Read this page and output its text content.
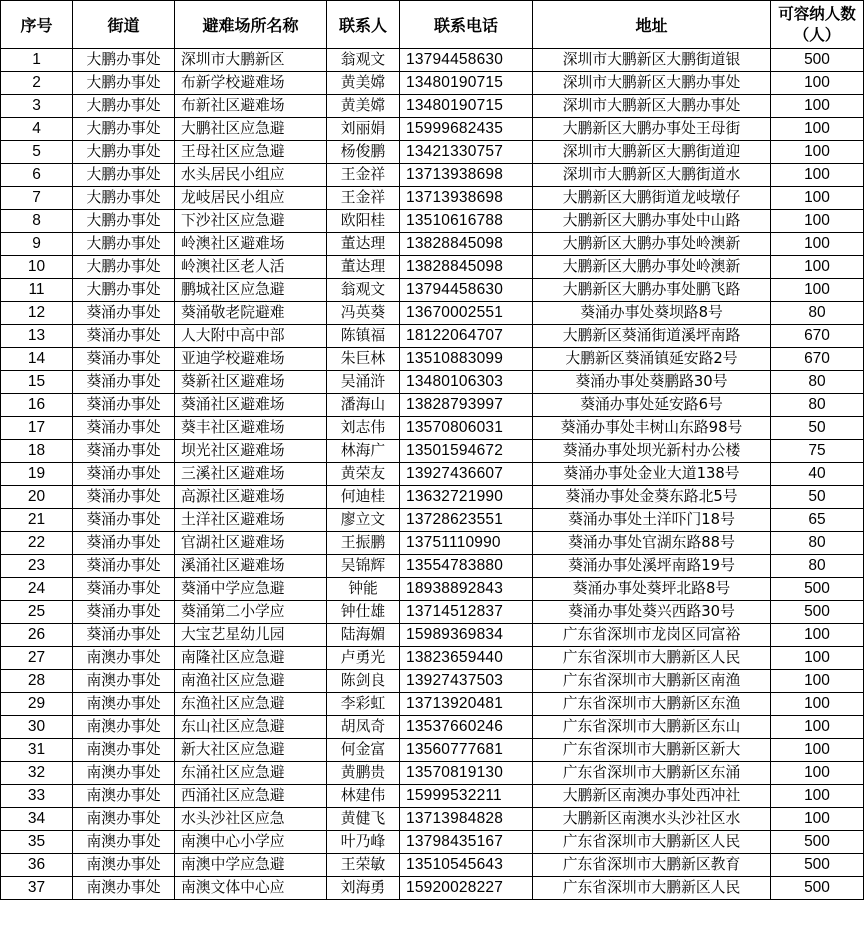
序号	街道	避难场所名称	联系人	联系电话	地址	可容纳人数（人）
1	大鹏办事处	深圳市大鹏新区	翁观文	13794458630	深圳市大鹏新区大鹏街道银	500
2	大鹏办事处	布新学校避难场	黄美嫦	13480190715	深圳市大鹏新区大鹏办事处	100
3	大鹏办事处	布新社区避难场	黄美嫦	13480190715	深圳市大鹏新区大鹏办事处	100
4	大鹏办事处	大鹏社区应急避	刘丽娟	15999682435	大鹏新区大鹏办事处王母街	100
5	大鹏办事处	王母社区应急避	杨俊鹏	13421330757	深圳市大鹏新区大鹏街道迎	100
6	大鹏办事处	水头居民小组应	王金祥	13713938698	深圳市大鹏新区大鹏街道水	100
7	大鹏办事处	龙岐居民小组应	王金祥	13713938698	大鹏新区大鹏街道龙岐墩仔	100
8	大鹏办事处	下沙社区应急避	欧阳桂	13510616788	大鹏新区大鹏办事处中山路	100
9	大鹏办事处	岭澳社区避难场	董达理	13828845098	大鹏新区大鹏办事处岭澳新	100
10	大鹏办事处	岭澳社区老人活	董达理	13828845098	大鹏新区大鹏办事处岭澳新	100
11	大鹏办事处	鹏城社区应急避	翁观文	13794458630	大鹏新区大鹏办事处鹏飞路	100
12	葵涌办事处	葵涌敬老院避难	冯英葵	13670002551	葵涌办事处葵坝路8号	80
13	葵涌办事处	人大附中高中部	陈镇福	18122064707	大鹏新区葵涌街道溪坪南路	670
14	葵涌办事处	亚迪学校避难场	朱巨林	13510883099	大鹏新区葵涌镇延安路2号	670
15	葵涌办事处	葵新社区避难场	吴涌浒	13480106303	葵涌办事处葵鹏路30号	80
16	葵涌办事处	葵涌社区避难场	潘海山	13828793997	葵涌办事处延安路6号	80
17	葵涌办事处	葵丰社区避难场	刘志伟	13570806031	葵涌办事处丰树山东路98号	50
18	葵涌办事处	坝光社区避难场	林海广	13501594672	葵涌办事处坝光新村办公楼	75
19	葵涌办事处	三溪社区避难场	黄荣友	13927436607	葵涌办事处金业大道138号	40
20	葵涌办事处	高源社区避难场	何迪桂	13632721990	葵涌办事处金葵东路北5号	50
21	葵涌办事处	土洋社区避难场	廖立文	13728623551	葵涌办事处土洋吓门18号	65
22	葵涌办事处	官湖社区避难场	王振鹏	13751110990	葵涌办事处官湖东路88号	80
23	葵涌办事处	溪涌社区避难场	吴锦辉	13554783880	葵涌办事处溪坪南路19号	80
24	葵涌办事处	葵涌中学应急避	钟能	18938892843	葵涌办事处葵坪北路8号	500
25	葵涌办事处	葵涌第二小学应	钟仕雄	13714512837	葵涌办事处葵兴西路30号	500
26	葵涌办事处	大宝艺星幼儿园	陆海媚	15989369834	广东省深圳市龙岗区同富裕	100
27	南澳办事处	南隆社区应急避	卢勇光	13823659440	广东省深圳市大鹏新区人民	100
28	南澳办事处	南渔社区应急避	陈剑良	13927437503	广东省深圳市大鹏新区南渔	100
29	南澳办事处	东渔社区应急避	李彩虹	13713920481	广东省深圳市大鹏新区东渔	100
30	南澳办事处	东山社区应急避	胡凤奇	13537660246	广东省深圳市大鹏新区东山	100
31	南澳办事处	新大社区应急避	何金富	13560777681	广东省深圳市大鹏新区新大	100
32	南澳办事处	东涌社区应急避	黄鹏贵	13570819130	广东省深圳市大鹏新区东涌	100
33	南澳办事处	西涌社区应急避	林建伟	15999532211	大鹏新区南澳办事处西冲社	100
34	南澳办事处	水头沙社区应急	黄健飞	13713984828	大鹏新区南澳水头沙社区水	100
35	南澳办事处	南澳中心小学应	叶乃峰	13798435167	广东省深圳市大鹏新区人民	500
36	南澳办事处	南澳中学应急避	王荣敏	13510545643	广东省深圳市大鹏新区教育	500
37	南澳办事处	南澳文体中心应	刘海勇	15920028227	广东省深圳市大鹏新区人民	500
